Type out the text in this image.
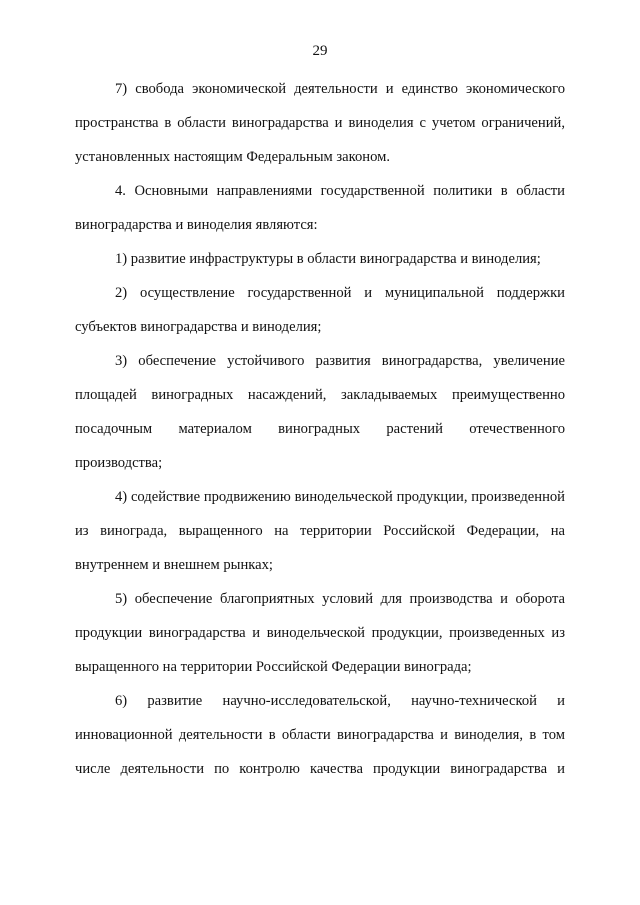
29

7) свобода экономической деятельности и единство экономического пространства в области виноградарства и виноделия с учетом ограничений, установленных настоящим Федеральным законом.

4. Основными направлениями государственной политики в области виноградарства и виноделия являются:

1) развитие инфраструктуры в области виноградарства и виноделия;

2) осуществление государственной и муниципальной поддержки субъектов виноградарства и виноделия;

3) обеспечение устойчивого развития виноградарства, увеличение площадей виноградных насаждений, закладываемых преимущественно посадочным материалом виноградных растений отечественного производства;

4) содействие продвижению винодельческой продукции, произведенной из винограда, выращенного на территории Российской Федерации, на внутреннем и внешнем рынках;

5) обеспечение благоприятных условий для производства и оборота продукции виноградарства и винодельческой продукции, произведенных из выращенного на территории Российской Федерации винограда;

6) развитие научно-исследовательской, научно-технической и инновационной деятельности в области виноградарства и виноделия, в том числе деятельности по контролю качества продукции виноградарства и
